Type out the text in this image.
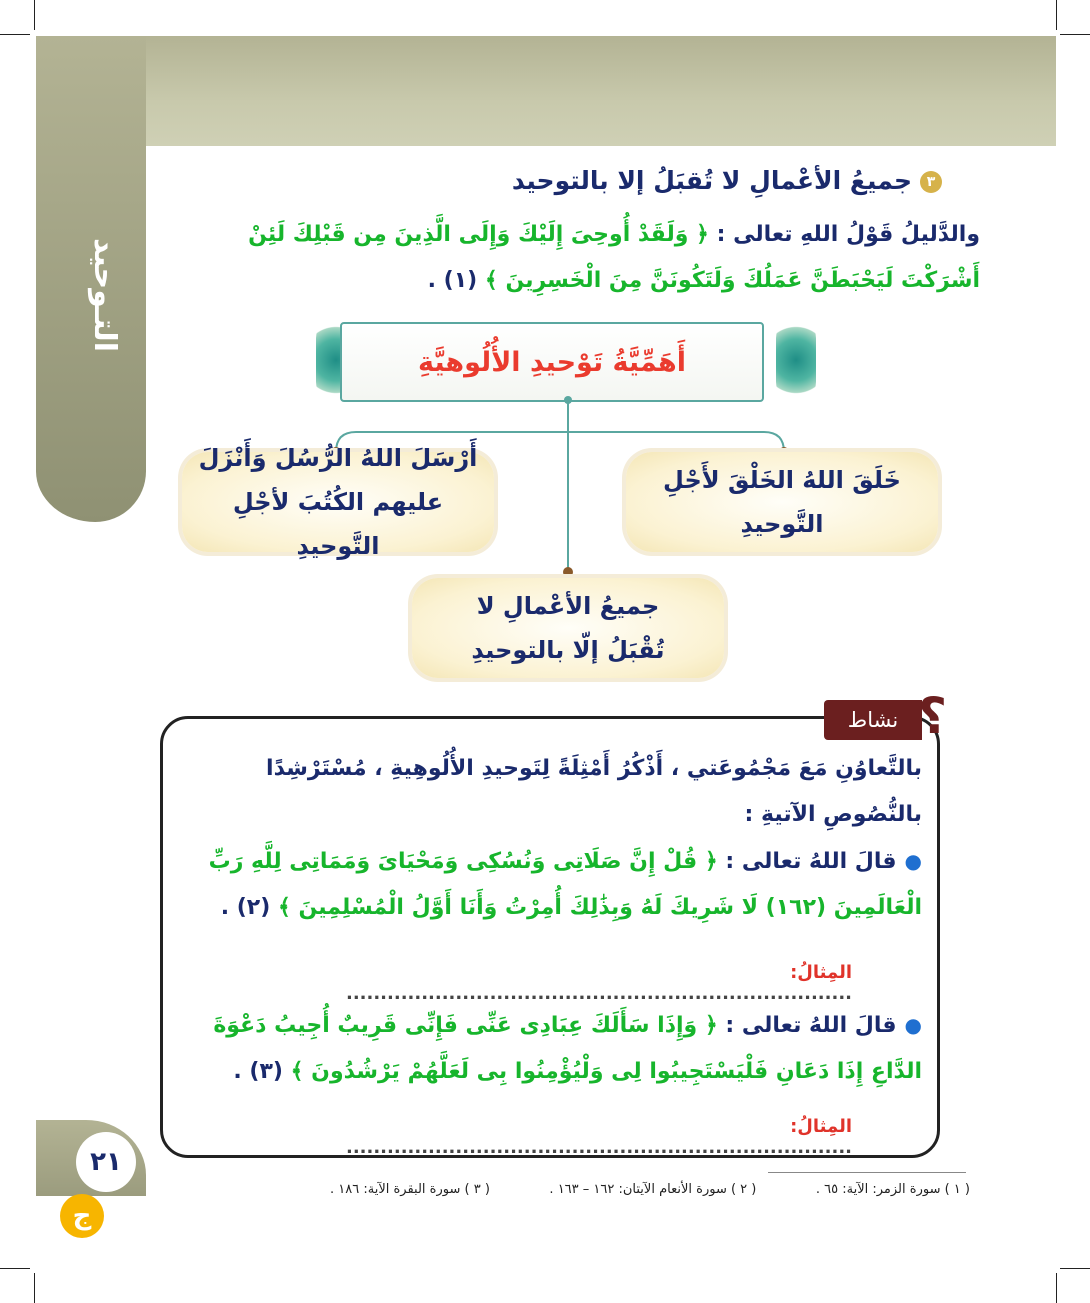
التـوحيد
٣جميعُ الأعْمالِ لا تُقبَلُ إلا بالتوحيد
والدَّليلُ قَوْلُ اللهِ تعالى : ﴿ وَلَقَدْ أُوحِىَ إِلَيْكَ وَإِلَى الَّذِينَ مِن قَبْلِكَ لَئِنْ أَشْرَكْتَ لَيَحْبَطَنَّ عَمَلُكَ وَلَتَكُونَنَّ مِنَ الْخَسِرِينَ ﴾ (١) .
أَهَمِّيَّةُ تَوْحيدِ الأُلُوهيَّةِ
أَرْسَلَ اللهُ الرُّسُلَ وَأَنْزَلَ عليهم الكُتُبَ لأجْلِ التَّوحيدِ
خَلَقَ اللهُ الخَلْقَ لأَجْلِ التَّوحيدِ
جميعُ الأعْمالِ لا تُقْبَلُ إلّا بالتوحيدِ
نشاط ؟
بالتَّعاوُنِ مَعَ مَجْمُوعَتي ، أَذْكُرُ أَمْثِلَةً لِتَوحيدِ الأُلُوهِيةِ ، مُسْتَرْشِدًا بالنُّصُوصِ الآتيةِ :
●قالَ اللهُ تعالى : ﴿ قُلْ إِنَّ صَلَاتِى وَنُسُكِى وَمَحْيَاىَ وَمَمَاتِى لِلَّهِ رَبِّ الْعَالَمِينَ (١٦٢) لَا شَرِيكَ لَهُ وَبِذَٰلِكَ أُمِرْتُ وَأَنَا أَوَّلُ الْمُسْلِمِينَ ﴾ (٢) .
المِثالُ: ..........................................................................
●قالَ اللهُ تعالى : ﴿ وَإِذَا سَأَلَكَ عِبَادِى عَنِّى فَإِنِّى قَرِيبٌ أُجِيبُ دَعْوَةَ الدَّاعِ إِذَا دَعَانِ فَلْيَسْتَجِيبُوا لِى وَلْيُؤْمِنُوا بِى لَعَلَّهُمْ يَرْشُدُونَ ﴾ (٣) .
المِثالُ: ..........................................................................
٢١
ج
( ١ ) سورة الزمر: الآية: ٦٥ .
( ٢ ) سورة الأنعام الآيتان: ١٦٢ – ١٦٣ .
( ٣ ) سورة البقرة الآية: ١٨٦ .
